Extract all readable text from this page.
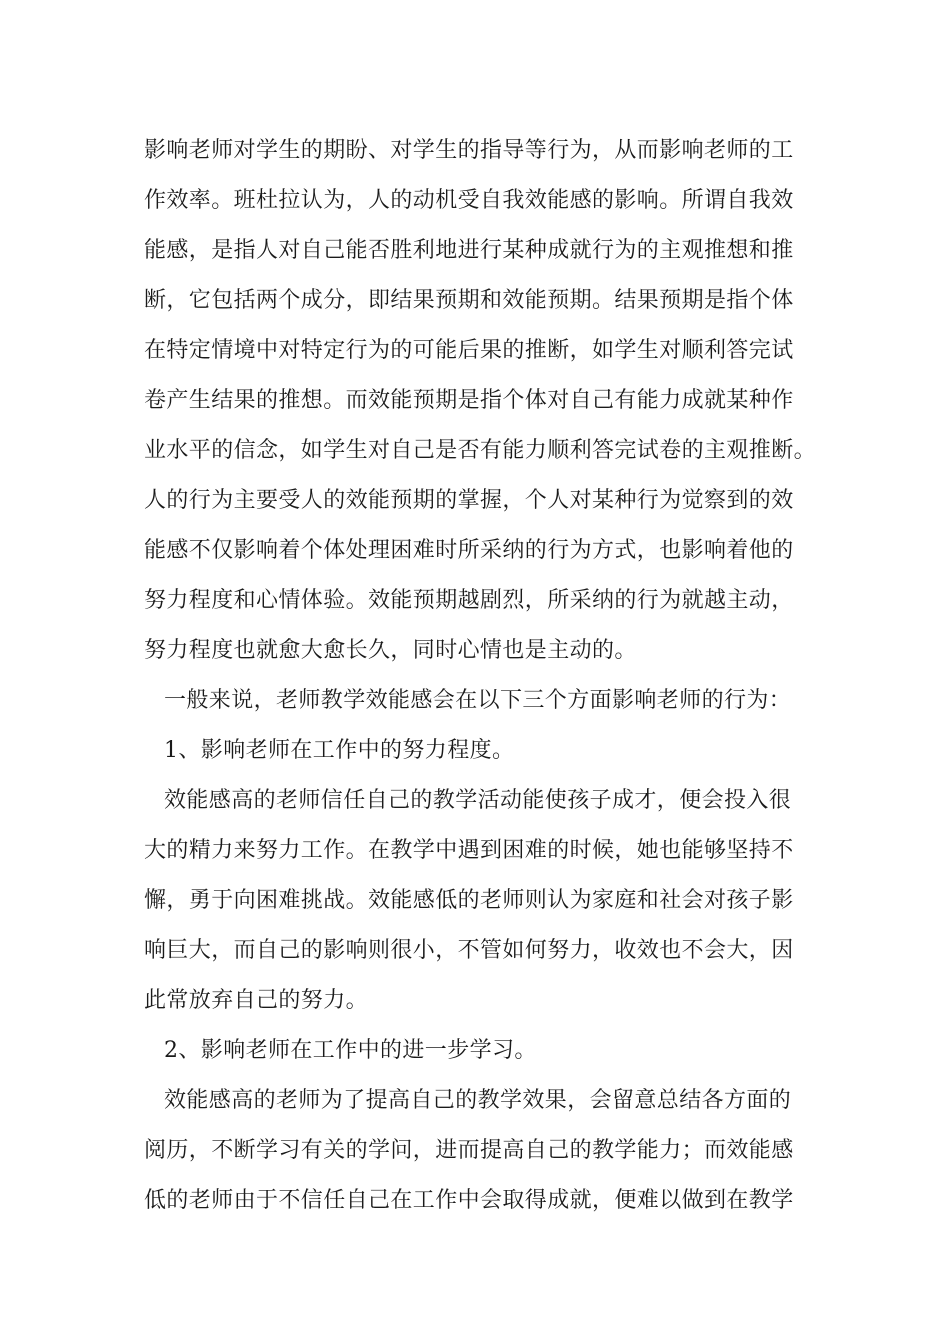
影响老师对学生的期盼、对学生的指导等行为，从而影响老师的工
作效率。班杜拉认为，人的动机受自我效能感的影响。所谓自我效
能感，是指人对自己能否胜利地进行某种成就行为的主观推想和推
断，它包括两个成分，即结果预期和效能预期。结果预期是指个体
在特定情境中对特定行为的可能后果的推断，如学生对顺利答完试
卷产生结果的推想。而效能预期是指个体对自己有能力成就某种作
业水平的信念，如学生对自己是否有能力顺利答完试卷的主观推断。
人的行为主要受人的效能预期的掌握，个人对某种行为觉察到的效
能感不仅影响着个体处理困难时所采纳的行为方式，也影响着他的
努力程度和心情体验。效能预期越剧烈，所采纳的行为就越主动，
努力程度也就愈大愈长久，同时心情也是主动的。
一般来说，老师教学效能感会在以下三个方面影响老师的行为：
1、影响老师在工作中的努力程度。
效能感高的老师信任自己的教学活动能使孩子成才，便会投入很
大的精力来努力工作。在教学中遇到困难的时候，她也能够坚持不
懈，勇于向困难挑战。效能感低的老师则认为家庭和社会对孩子影
响巨大，而自己的影响则很小，不管如何努力，收效也不会大，因
此常放弃自己的努力。
2、影响老师在工作中的进一步学习。
效能感高的老师为了提高自己的教学效果，会留意总结各方面的
阅历，不断学习有关的学问，进而提高自己的教学能力；而效能感
低的老师由于不信任自己在工作中会取得成就，便难以做到在教学
